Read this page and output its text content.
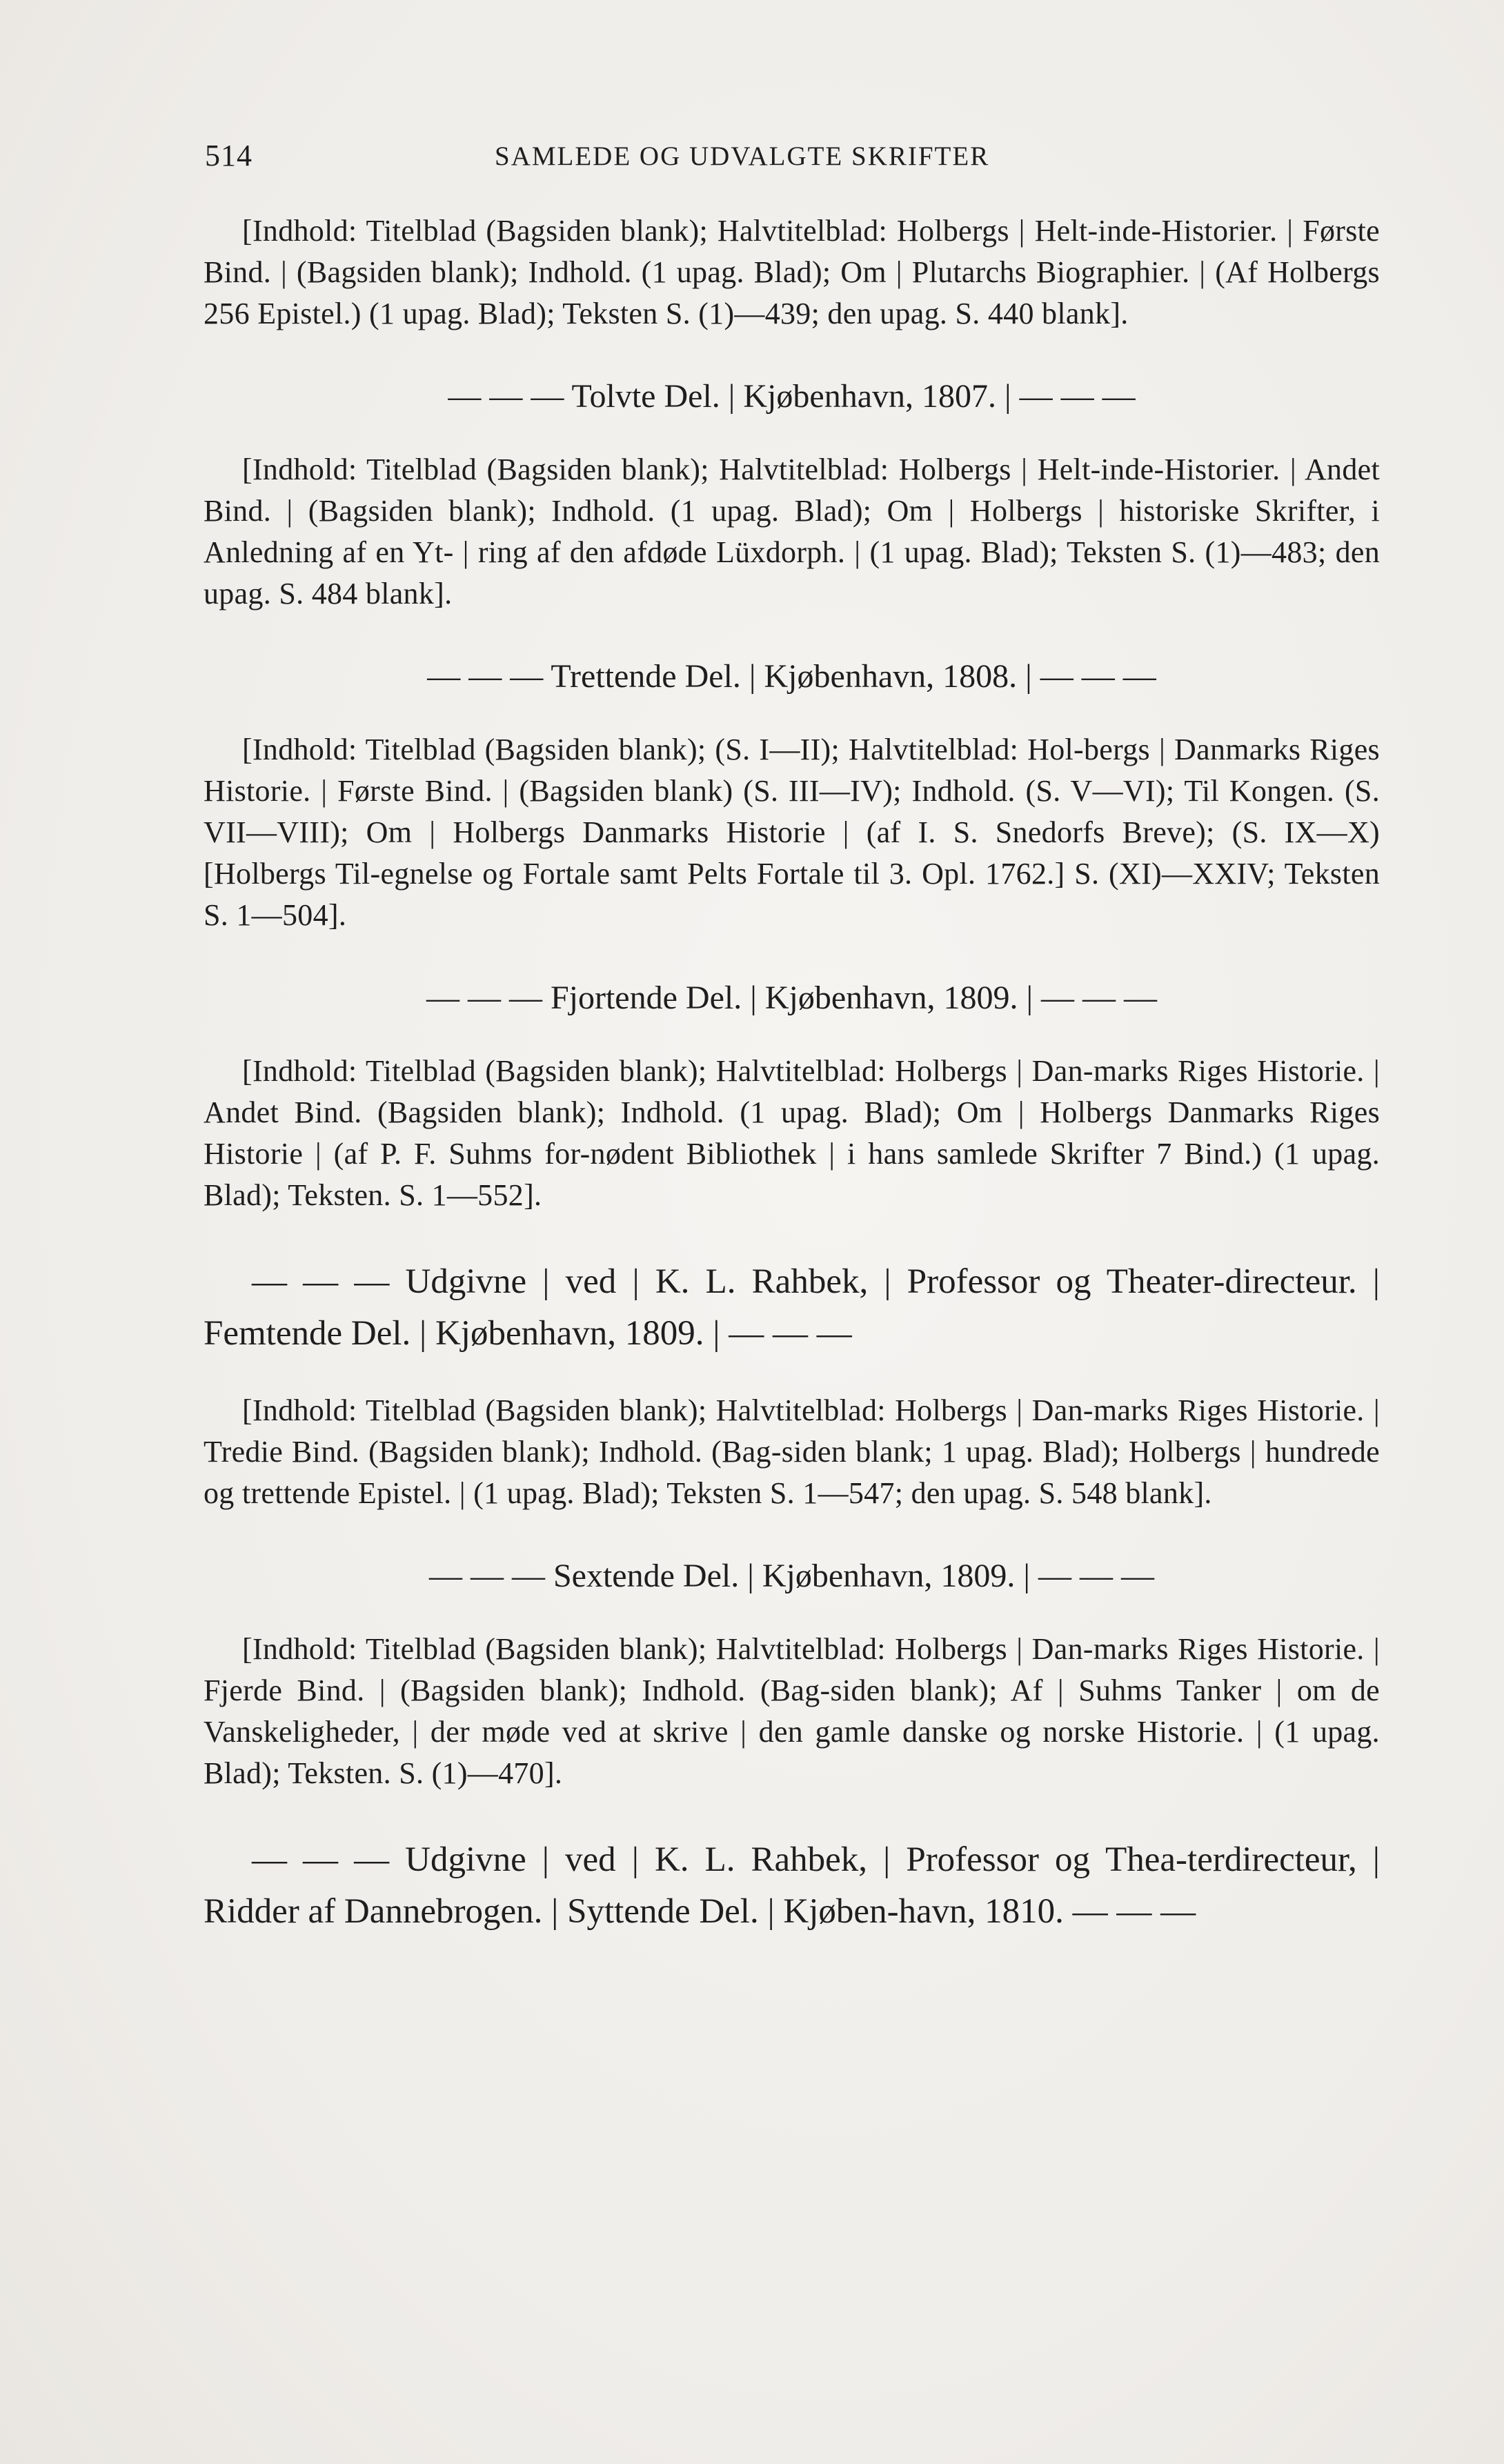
514	SAMLEDE OG UDVALGTE SKRIFTER

[Indhold: Titelblad (Bagsiden blank); Halvtitelblad: Holbergs | Helt-inde-Historier. | Første Bind. | (Bagsiden blank); Indhold. (1 upag. Blad); Om | Plutarchs Biographier. | (Af Holbergs 256 Epistel.) (1 upag. Blad); Teksten S. (1)—439; den upag. S. 440 blank].

— — — Tolvte Del. | Kjøbenhavn, 1807. | — — —

[Indhold: Titelblad (Bagsiden blank); Halvtitelblad: Holbergs | Helt-inde-Historier. | Andet Bind. | (Bagsiden blank); Indhold. (1 upag. Blad); Om | Holbergs | historiske Skrifter, i Anledning af en Yt- | ring af den afdøde Lüxdorph. | (1 upag. Blad); Teksten S. (1)—483; den upag. S. 484 blank].

— — — Trettende Del. | Kjøbenhavn, 1808. | — — —

[Indhold: Titelblad (Bagsiden blank); (S. I—II); Halvtitelblad: Hol-bergs | Danmarks Riges Historie. | Første Bind. | (Bagsiden blank) (S. III—IV); Indhold. (S. V—VI); Til Kongen. (S. VII—VIII); Om | Holbergs Danmarks Historie | (af I. S. Snedorfs Breve); (S. IX—X) [Holbergs Til-egnelse og Fortale samt Pelts Fortale til 3. Opl. 1762.] S. (XI)—XXIV; Teksten S. 1—504].

— — — Fjortende Del. | Kjøbenhavn, 1809. | — — —

[Indhold: Titelblad (Bagsiden blank); Halvtitelblad: Holbergs | Dan-marks Riges Historie. | Andet Bind. (Bagsiden blank); Indhold. (1 upag. Blad); Om | Holbergs Danmarks Riges Historie | (af P. F. Suhms for-nødent Bibliothek | i hans samlede Skrifter 7 Bind.) (1 upag. Blad); Teksten. S. 1—552].

— — — Udgivne | ved | K. L. Rahbek, | Professor og Theater-directeur. | Femtende Del. | Kjøbenhavn, 1809. | — — —

[Indhold: Titelblad (Bagsiden blank); Halvtitelblad: Holbergs | Dan-marks Riges Historie. | Tredie Bind. (Bagsiden blank); Indhold. (Bag-siden blank; 1 upag. Blad); Holbergs | hundrede og trettende Epistel. | (1 upag. Blad); Teksten S. 1—547; den upag. S. 548 blank].

— — — Sextende Del. | Kjøbenhavn, 1809. | — — —

[Indhold: Titelblad (Bagsiden blank); Halvtitelblad: Holbergs | Dan-marks Riges Historie. | Fjerde Bind. | (Bagsiden blank); Indhold. (Bag-siden blank); Af | Suhms Tanker | om de Vanskeligheder, | der møde ved at skrive | den gamle danske og norske Historie. | (1 upag. Blad); Teksten. S. (1)—470].

— — — Udgivne | ved | K. L. Rahbek, | Professor og Thea-terdirecteur, | Ridder af Dannebrogen. | Syttende Del. | Kjøben-havn, 1810. — — —
